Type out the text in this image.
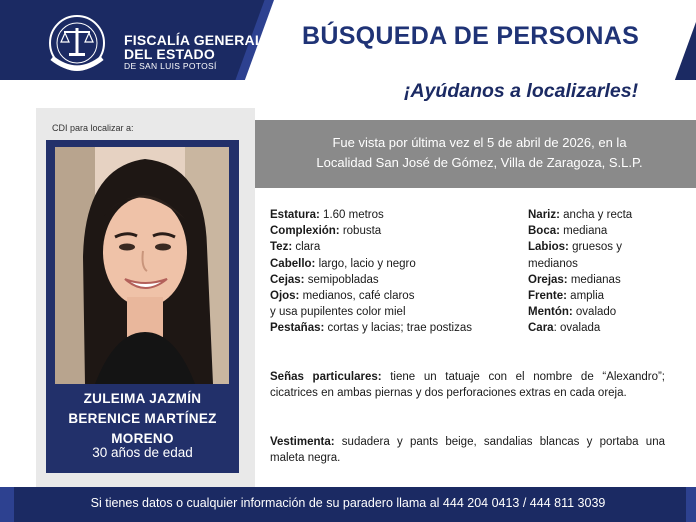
FISCALÍA GENERAL
DEL ESTADO
DE SAN LUIS POTOSÍ
BÚSQUEDA DE PERSONAS
¡Ayúdanos a localizarles!
CDI para localizar a:
ZULEIMA JAZMÍN
BERENICE MARTÍNEZ
MORENO
30 años de edad
Fue vista por última vez el 5 de abril de 2026, en la
Localidad San José de Gómez, Villa de Zaragoza, S.L.P.
Estatura: 1.60 metros
Complexión: robusta
Tez: clara
Cabello: largo, lacio y negro
Cejas: semipobladas
Ojos: medianos, café claros
y usa pupilentes color miel
Pestañas: cortas y lacias; trae postizas
Nariz: ancha y recta
Boca: mediana
Labios: gruesos y
medianos
Orejas: medianas
Frente: amplia
Mentón: ovalado
Cara: ovalada
Señas particulares: tiene un tatuaje con el nombre de “Alexandro”; cicatrices en ambas piernas y dos perforaciones extras en cada oreja.
Vestimenta: sudadera y pants beige, sandalias blancas y portaba una maleta negra.
Si tienes datos o cualquier información de su paradero llama al 444 204 0413 / 444 811 3039
